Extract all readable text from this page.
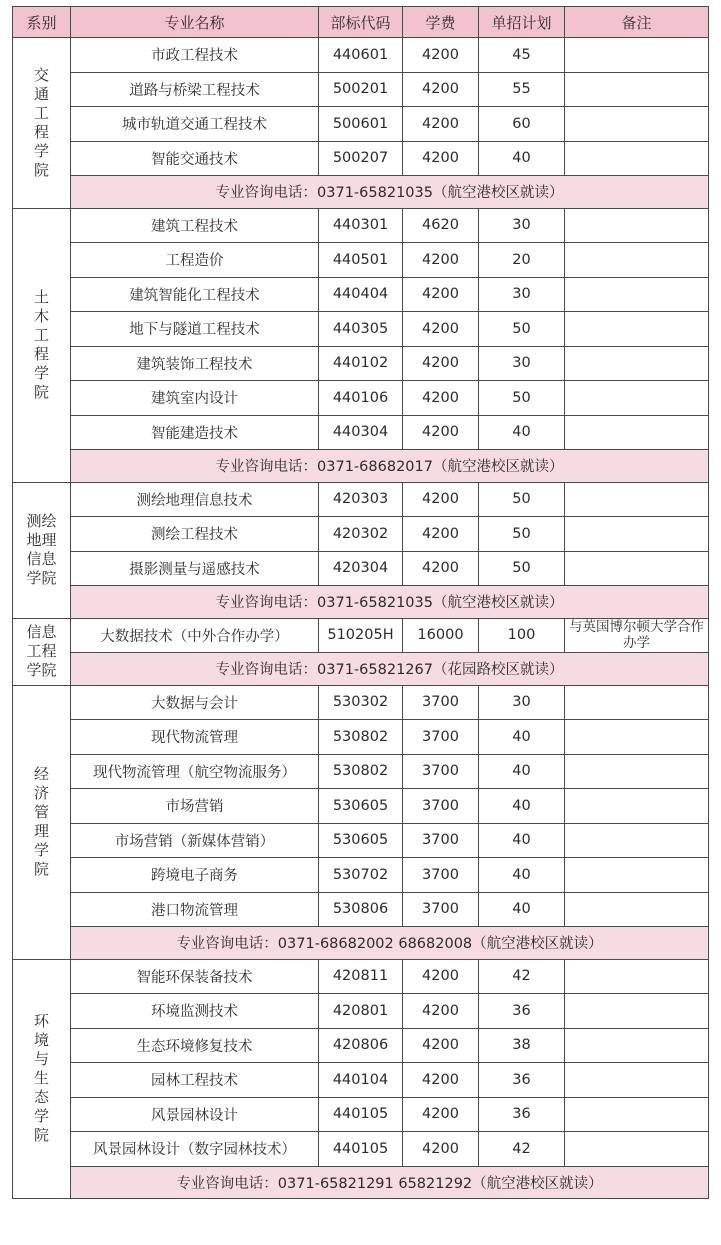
系别	专业名称	部标代码	学费	单招计划	备注
交通工程学院	市政工程技术	440601	4200	45	
	道路与桥梁工程技术	500201	4200	55	
	城市轨道交通工程技术	500601	4200	60	
	智能交通技术	500207	4200	40	
	专业咨询电话：0371-65821035（航空港校区就读）				
土木工程学院	建筑工程技术	440301	4620	30	
	工程造价	440501	4200	20	
	建筑智能化工程技术	440404	4200	30	
	地下与隧道工程技术	440305	4200	50	
	建筑装饰工程技术	440102	4200	30	
	建筑室内设计	440106	4200	50	
	智能建造技术	440304	4200	40	
	专业咨询电话：0371-68682017（航空港校区就读）				
测绘地理信息学院	测绘地理信息技术	420303	4200	50	
	测绘工程技术	420302	4200	50	
	摄影测量与遥感技术	420304	4200	50	
	专业咨询电话：0371-65821035（航空港校区就读）				
信息工程学院	大数据技术（中外合作办学）	510205H	16000	100	与英国博尔顿大学合作办学
	专业咨询电话：0371-65821267（花园路校区就读）				
经济管理学院	大数据与会计	530302	3700	30	
	现代物流管理	530802	3700	40	
	现代物流管理（航空物流服务）	530802	3700	40	
	市场营销	530605	3700	40	
	市场营销（新媒体营销）	530605	3700	40	
	跨境电子商务	530702	3700	40	
	港口物流管理	530806	3700	40	
	专业咨询电话：0371-68682002 68682008（航空港校区就读）				
环境与生态学院	智能环保装备技术	420811	4200	42	
	环境监测技术	420801	4200	36	
	生态环境修复技术	420806	4200	38	
	园林工程技术	440104	4200	36	
	风景园林设计	440105	4200	36	
	风景园林设计（数字园林技术）	440105	4200	42	
	专业咨询电话：0371-65821291 65821292（航空港校区就读）				
